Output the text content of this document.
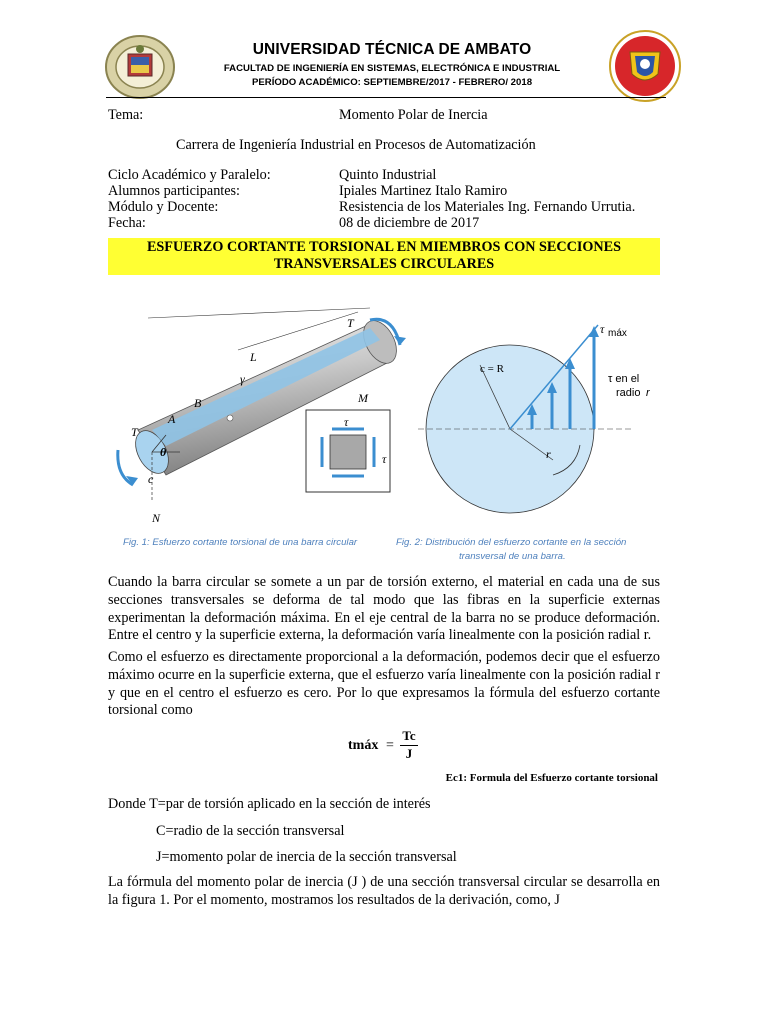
UNIVERSIDAD TÉCNICA DE AMBATO
FACULTAD DE INGENIERÍA EN SISTEMAS, ELECTRÓNICA E INDUSTRIAL
PERÍODO ACADÉMICO: SEPTIEMBRE/2017 - FEBRERO/ 2018
Tema:	Momento Polar de Inercia
Carrera de Ingeniería Industrial en Procesos de Automatización
Ciclo Académico y Paralelo:	Quinto Industrial
Alumnos participantes:	Ipiales Martinez Italo Ramiro
Módulo y Docente:	Resistencia de los Materiales Ing. Fernando Urrutia.
Fecha:	08 de diciembre de 2017
ESFUERZO CORTANTE TORSIONAL EN MIEMBROS CON SECCIONES
TRANSVERSALES CIRCULARES
T
L
γ
B
A
T
θ
c
N
M
τ
τ
τ
c = R
r
máx
τ en el
radio r
Fig. 1: Esfuerzo cortante torsional de una barra circular	Fig. 2: Distribución del esfuerzo cortante en la sección
transversal de una barra.

Cuando la barra circular se somete a un par de torsión externo, el material en cada una de sus secciones transversales se deforma de tal modo que las fibras en la superficie externas experimentan la deformación máxima. En el eje central de la barra no se produce deformación. Entre el centro y la superficie externa, la deformación varía linealmente con la posición radial r.

Como el esfuerzo es directamente proporcional a la deformación, podemos decir que el esfuerzo máximo ocurre en la superficie externa, que el esfuerzo varía linealmente con la posición radial r y que en el centro el esfuerzo es cero. Por lo que expresamos la fórmula del esfuerzo cortante torsional como

tmáx =
Tc
J
Ec1: Formula del Esfuerzo cortante torsional
Donde T=par de torsión aplicado en la sección de interés
C=radio de la sección transversal
J=momento polar de inercia de la sección transversal

La fórmula del momento polar de inercia (J ) de una sección transversal circular se desarrolla en la figura 1. Por el momento, mostramos los resultados de la derivación, como, J
